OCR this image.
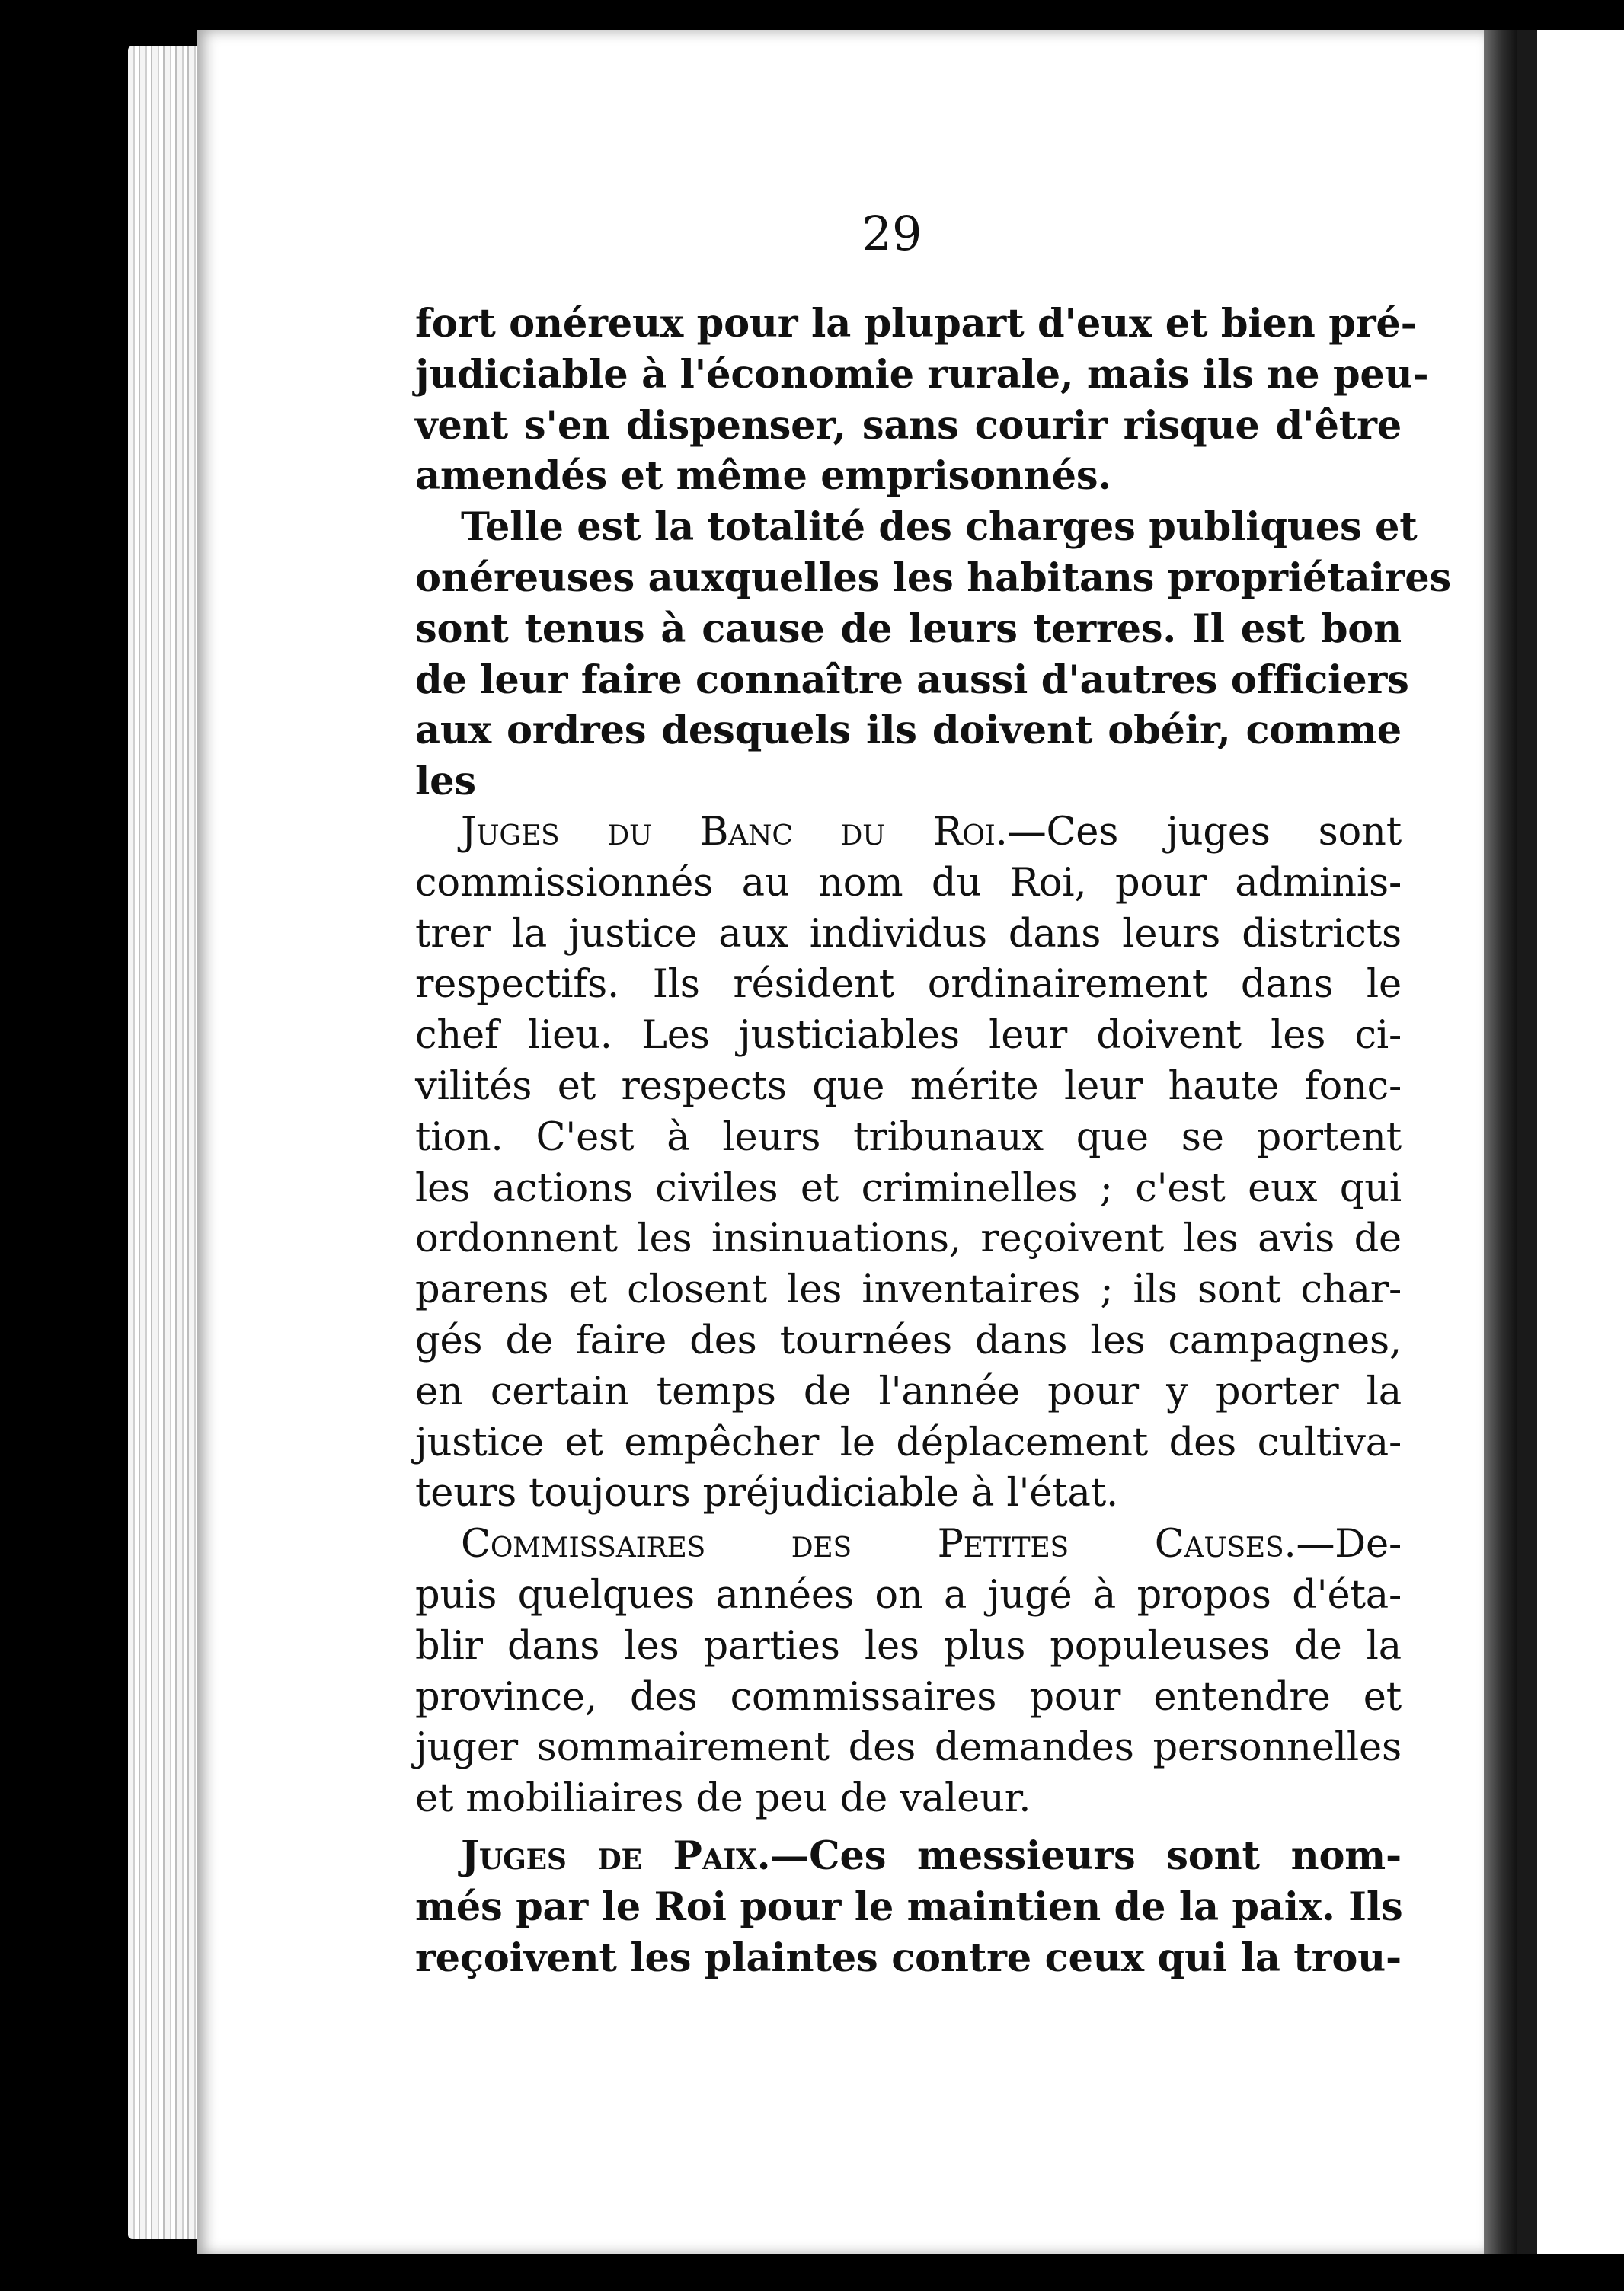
29
fort onéreux pour la plupart d'eux et bien pré-
judiciable à l'économie rurale, mais ils ne peu-
vent s'en dispenser, sans courir risque d'être
amendés et même emprisonnés.
Telle est la totalité des charges publiques et
onéreuses auxquelles les habitans propriétaires
sont tenus à cause de leurs terres. Il est bon
de leur faire connaître aussi d'autres officiers
aux ordres desquels ils doivent obéir, comme
les
Juges du Banc du Roi.—Ces juges sont
commissionnés au nom du Roi, pour adminis-
trer la justice aux individus dans leurs districts
respectifs. Ils résident ordinairement dans le
chef lieu. Les justiciables leur doivent les ci-
vilités et respects que mérite leur haute fonc-
tion. C'est à leurs tribunaux que se portent
les actions civiles et criminelles ; c'est eux qui
ordonnent les insinuations, reçoivent les avis de
parens et closent les inventaires ; ils sont char-
gés de faire des tournées dans les campagnes,
en certain temps de l'année pour y porter la
justice et empêcher le déplacement des cultiva-
teurs toujours préjudiciable à l'état.
Commissaires des Petites Causes.—De-
puis quelques années on a jugé à propos d'éta-
blir dans les parties les plus populeuses de la
province, des commissaires pour entendre et
juger sommairement des demandes personnelles
et mobiliaires de peu de valeur.
Juges de Paix.—Ces messieurs sont nom-
més par le Roi pour le maintien de la paix. Ils
reçoivent les plaintes contre ceux qui la trou-
